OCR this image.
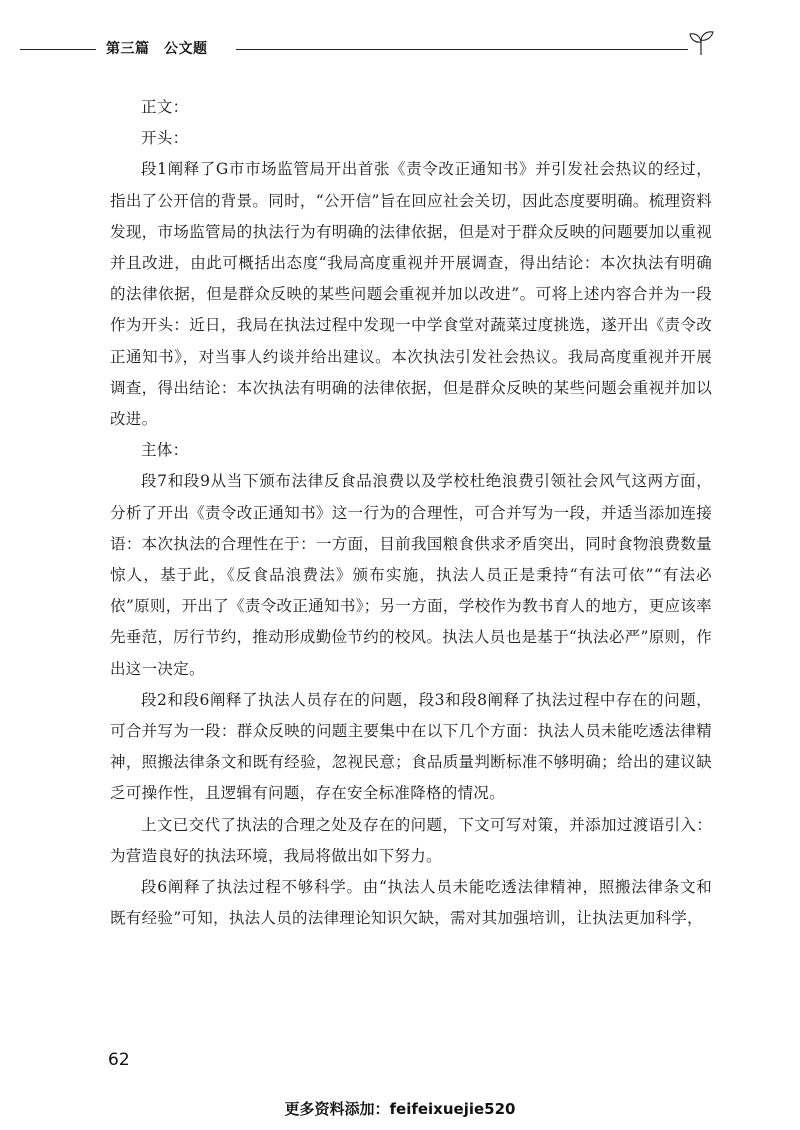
第三篇　公文题

正文：

开头：

段1阐释了G市市场监管局开出首张《责令改正通知书》并引发社会热议的经过，指出了公开信的背景。同时，“公开信”旨在回应社会关切，因此态度要明确。梳理资料发现，市场监管局的执法行为有明确的法律依据，但是对于群众反映的问题要加以重视并且改进，由此可概括出态度“我局高度重视并开展调查，得出结论：本次执法有明确的法律依据，但是群众反映的某些问题会重视并加以改进”。可将上述内容合并为一段作为开头：近日，我局在执法过程中发现一中学食堂对蔬菜过度挑选，遂开出《责令改正通知书》，对当事人约谈并给出建议。本次执法引发社会热议。我局高度重视并开展调查，得出结论：本次执法有明确的法律依据，但是群众反映的某些问题会重视并加以改进。

主体：

段7和段9从当下颁布法律反食品浪费以及学校杜绝浪费引领社会风气这两方面，分析了开出《责令改正通知书》这一行为的合理性，可合并写为一段，并适当添加连接语：本次执法的合理性在于：一方面，目前我国粮食供求矛盾突出，同时食物浪费数量惊人，基于此，《反食品浪费法》颁布实施，执法人员正是秉持“有法可依”“有法必依”原则，开出了《责令改正通知书》；另一方面，学校作为教书育人的地方，更应该率先垂范，厉行节约，推动形成勤俭节约的校风。执法人员也是基于“执法必严”原则，作出这一决定。

段2和段6阐释了执法人员存在的问题，段3和段8阐释了执法过程中存在的问题，可合并写为一段：群众反映的问题主要集中在以下几个方面：执法人员未能吃透法律精神，照搬法律条文和既有经验，忽视民意；食品质量判断标准不够明确；给出的建议缺乏可操作性，且逻辑有问题，存在安全标准降格的情况。

上文已交代了执法的合理之处及存在的问题，下文可写对策，并添加过渡语引入：为营造良好的执法环境，我局将做出如下努力。

段6阐释了执法过程不够科学。由“执法人员未能吃透法律精神，照搬法律条文和既有经验”可知，执法人员的法律理论知识欠缺，需对其加强培训，让执法更加科学，

62
更多资料添加：feifeixuejie520
